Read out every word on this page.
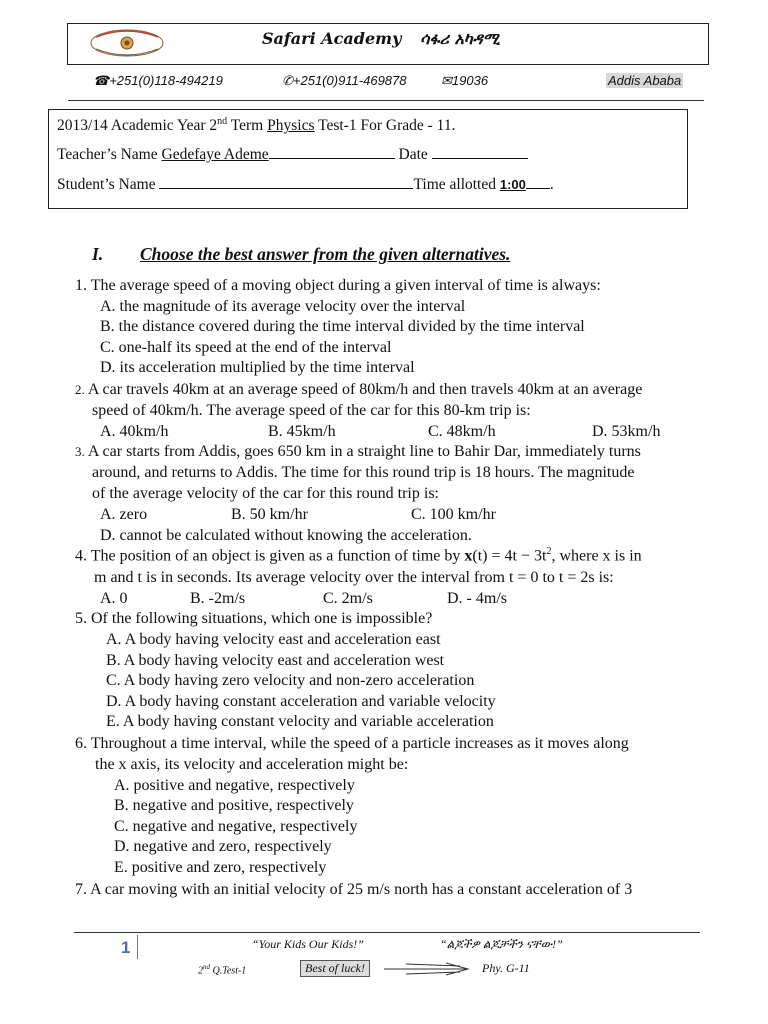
Safari Academy ሳፋሪ አካዳሚ
☎+251(0)118-494219	✆+251(0)911-469878	✉19036	Addis Ababa
2013/14 Academic Year 2nd Term Physics Test-1 For Grade - 11.
Teacher’s Name Gedefaye Ademe	Date
Student’s Name	Time allotted 1:00 .
I. Choose the best answer from the given alternatives.
1. The average speed of a moving object during a given interval of time is always:
A. the magnitude of its average velocity over the interval
B. the distance covered during the time interval divided by the time interval
C. one-half its speed at the end of the interval
D. its acceleration multiplied by the time interval
2. A car travels 40km at an average speed of 80km/h and then travels 40km at an average
speed of 40km/h. The average speed of the car for this 80-km trip is:
A. 40km/h	B. 45km/h	C. 48km/h	D. 53km/h
3. A car starts from Addis, goes 650 km in a straight line to Bahir Dar, immediately turns
around, and returns to Addis. The time for this round trip is 18 hours. The magnitude
of the average velocity of the car for this round trip is:
A. zero	B. 50 km/hr	C. 100 km/hr
D. cannot be calculated without knowing the acceleration.
4. The position of an object is given as a function of time by $x(t) = 4t - 3t^2$, where x is in
m and t is in seconds. Its average velocity over the interval from t = 0 to t = 2s is:
A. 0	B. -2m/s	C. 2m/s	D. - 4m/s
5. Of the following situations, which one is impossible?
A. A body having velocity east and acceleration east
B. A body having velocity east and acceleration west
C. A body having zero velocity and non-zero acceleration
D. A body having constant acceleration and variable velocity
E. A body having constant velocity and variable acceleration
6. Throughout a time interval, while the speed of a particle increases as it moves along
the x axis, its velocity and acceleration might be:
A. positive and negative, respectively
B. negative and positive, respectively
C. negative and negative, respectively
D. negative and zero, respectively
E. positive and zero, respectively
7. A car moving with an initial velocity of 25 m/s north has a constant acceleration of 3
1	“Your Kids Our Kids!”	“ልጆችዎ ልጆቻችን ናቸው!”
2nd Q.Test-1	Best of luck!	Phy. G-11
